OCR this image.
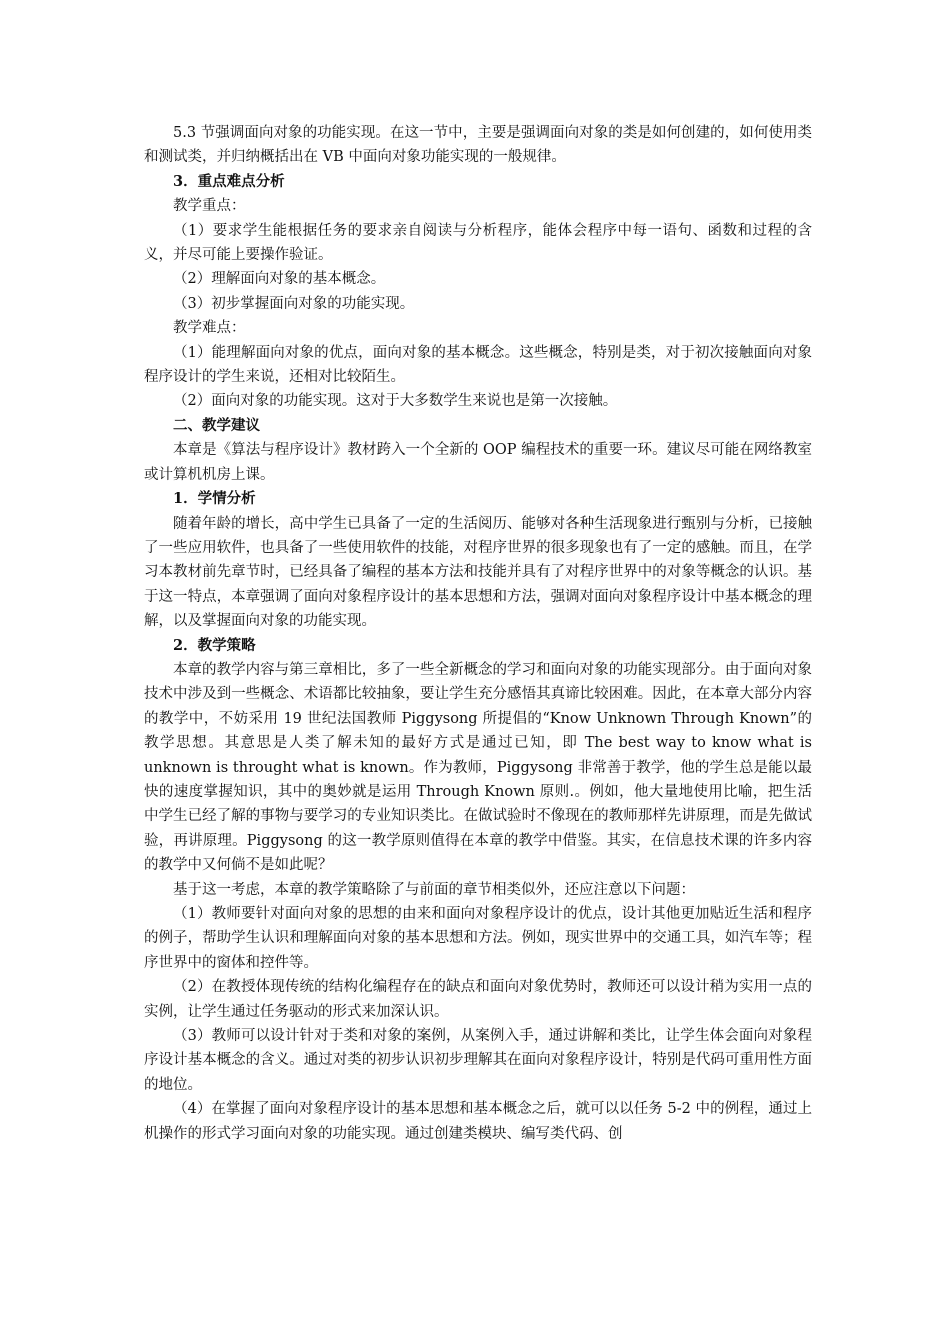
5.3 节强调面向对象的功能实现。在这一节中，主要是强调面向对象的类是如何创建的，如何使用类和测试类，并归纳概括出在 VB 中面向对象功能实现的一般规律。

3．重点难点分析

教学重点：

（1）要求学生能根据任务的要求亲自阅读与分析程序，能体会程序中每一语句、函数和过程的含义，并尽可能上要操作验证。

（2）理解面向对象的基本概念。

（3）初步掌握面向对象的功能实现。

教学难点：

（1）能理解面向对象的优点，面向对象的基本概念。这些概念，特别是类，对于初次接触面向对象程序设计的学生来说，还相对比较陌生。

（2）面向对象的功能实现。这对于大多数学生来说也是第一次接触。

二、教学建议

本章是《算法与程序设计》教材跨入一个全新的 OOP 编程技术的重要一环。建议尽可能在网络教室或计算机机房上课。

1．学情分析

随着年龄的增长，高中学生已具备了一定的生活阅历、能够对各种生活现象进行甄别与分析，已接触了一些应用软件，也具备了一些使用软件的技能，对程序世界的很多现象也有了一定的感触。而且，在学习本教材前先章节时，已经具备了编程的基本方法和技能并具有了对程序世界中的对象等概念的认识。基于这一特点，本章强调了面向对象程序设计的基本思想和方法，强调对面向对象程序设计中基本概念的理解，以及掌握面向对象的功能实现。

2．教学策略

本章的教学内容与第三章相比，多了一些全新概念的学习和面向对象的功能实现部分。由于面向对象技术中涉及到一些概念、术语都比较抽象，要让学生充分感悟其真谛比较困难。因此，在本章大部分内容的教学中，不妨采用 19 世纪法国教师 Piggysong 所提倡的“Know Unknown Through Known”的教学思想。其意思是人类了解未知的最好方式是通过已知，即 The best way to know what is unknown is throught what is known。作为教师，Piggysong 非常善于教学，他的学生总是能以最快的速度掌握知识，其中的奥妙就是运用 Through Known 原则.。例如，他大量地使用比喻，把生活中学生已经了解的事物与要学习的专业知识类比。在做试验时不像现在的教师那样先讲原理，而是先做试验，再讲原理。Piggysong 的这一教学原则值得在本章的教学中借鉴。其实，在信息技术课的许多内容的教学中又何倘不是如此呢？

基于这一考虑，本章的教学策略除了与前面的章节相类似外，还应注意以下问题：

（1）教师要针对面向对象的思想的由来和面向对象程序设计的优点，设计其他更加贴近生活和程序的例子，帮助学生认识和理解面向对象的基本思想和方法。例如，现实世界中的交通工具，如汽车等；程序世界中的窗体和控件等。

（2）在教授体现传统的结构化编程存在的缺点和面向对象优势时，教师还可以设计稍为实用一点的实例，让学生通过任务驱动的形式来加深认识。

（3）教师可以设计针对于类和对象的案例，从案例入手，通过讲解和类比，让学生体会面向对象程序设计基本概念的含义。通过对类的初步认识初步理解其在面向对象程序设计，特别是代码可重用性方面的地位。

（4）在掌握了面向对象程序设计的基本思想和基本概念之后，就可以以任务 5-2 中的例程，通过上机操作的形式学习面向对象的功能实现。通过创建类模块、编写类代码、创
